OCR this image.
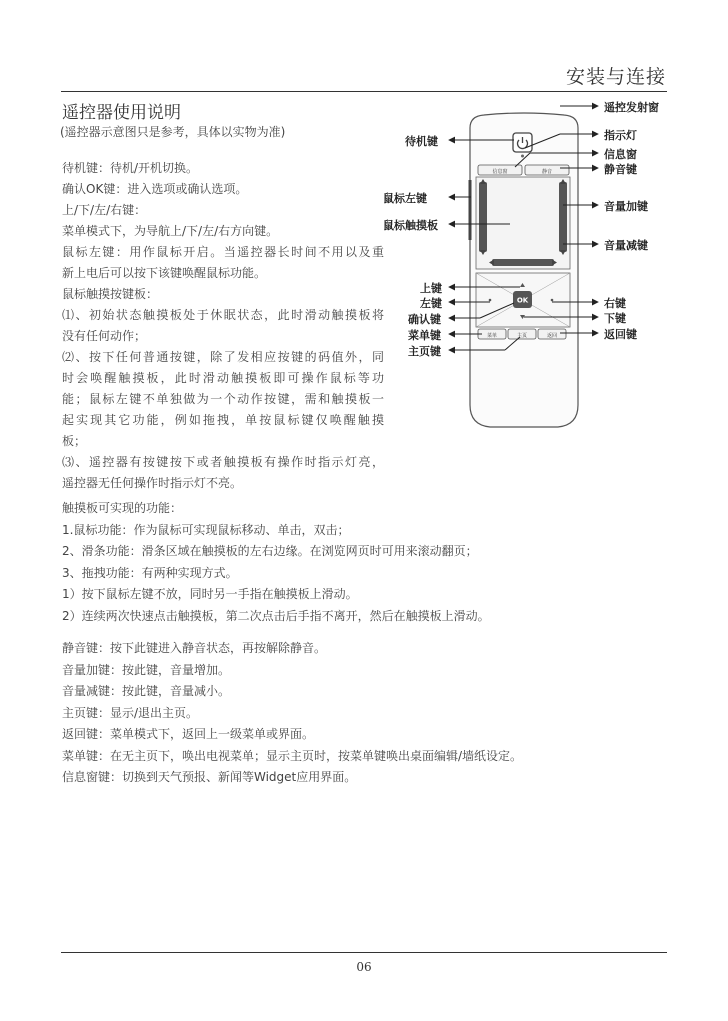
安装与连接
遥控器使用说明
(遥控器示意图只是参考，具体以实物为准)
待机键：待机/开机切换。
确认OK键：进入选项或确认选项。
上/下/左/右键：
菜单模式下，为导航上/下/左/右方向键。
鼠标左键：用作鼠标开启。当遥控器长时间不用以及重
新上电后可以按下该键唤醒鼠标功能。
鼠标触摸按键板：
⑴、初始状态触摸板处于休眠状态，此时滑动触摸板将
没有任何动作；
⑵、按下任何普通按键，除了发相应按键的码值外，同
时会唤醒触摸板，此时滑动触摸板即可操作鼠标等功
能；鼠标左键不单独做为一个动作按键，需和触摸板一
起实现其它功能，例如拖拽，单按鼠标键仅唤醒触摸
板；
⑶、遥控器有按键按下或者触摸板有操作时指示灯亮，
遥控器无任何操作时指示灯不亮。
触摸板可实现的功能：
1.鼠标功能：作为鼠标可实现鼠标移动、单击，双击；
2、滑条功能：滑条区域在触摸板的左右边缘。在浏览网页时可用来滚动翻页；
3、拖拽功能：有两种实现方式。
1）按下鼠标左键不放，同时另一手指在触摸板上滑动。
2）连续两次快速点击触摸板，第二次点击后手指不离开，然后在触摸板上滑动。
静音键：按下此键进入静音状态，再按解除静音。
音量加键：按此键，音量增加。
音量减键：按此键，音量减小。
主页键：显示/退出主页。
返回键：菜单模式下，返回上一级菜单或界面。
菜单键：在无主页下，唤出电视菜单；显示主页时，按菜单键唤出桌面编辑/墙纸设定。
信息窗键：切换到天气预报、新闻等Widget应用界面。
OK
信息窗	静音
菜单	主页	返回
遥控发射窗
指示灯
信息窗
静音键
音量加键
音量减键
右键
下键
返回键
待机键
鼠标左键
鼠标触摸板
上键
左键
确认键
菜单键
主页键
06
